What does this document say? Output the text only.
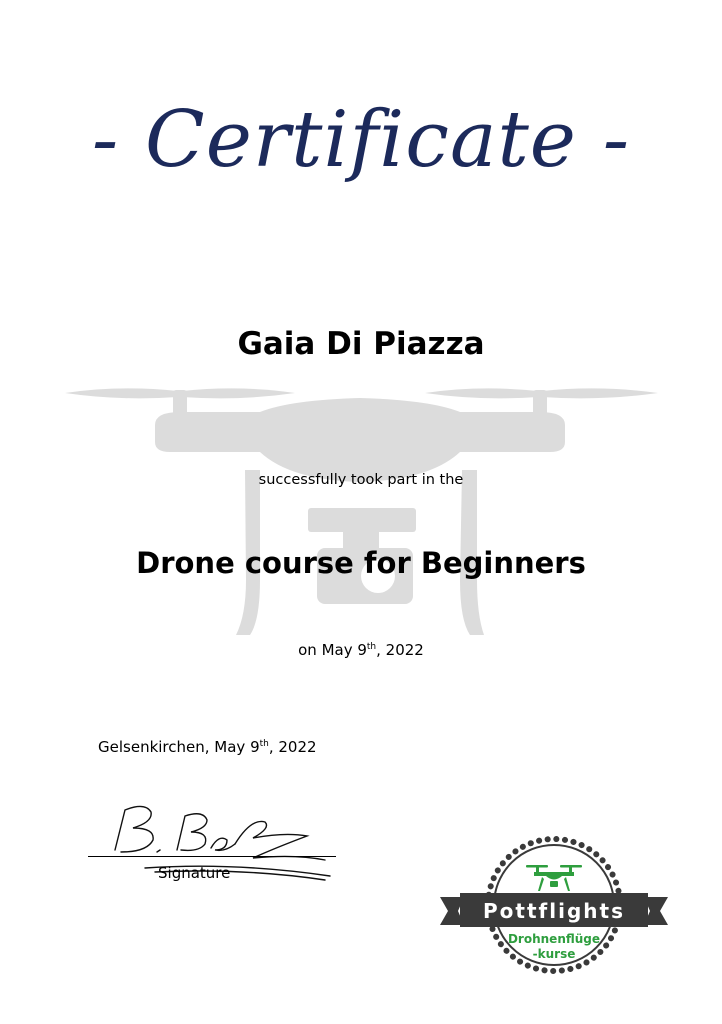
- Certificate -
Gaia Di Piazza
successfully took part in the
Drone course for Beginners
on May 9th, 2022
Gelsenkirchen, May 9th, 2022
Signature
Pottflights
Drohnenflüge
-kurse
